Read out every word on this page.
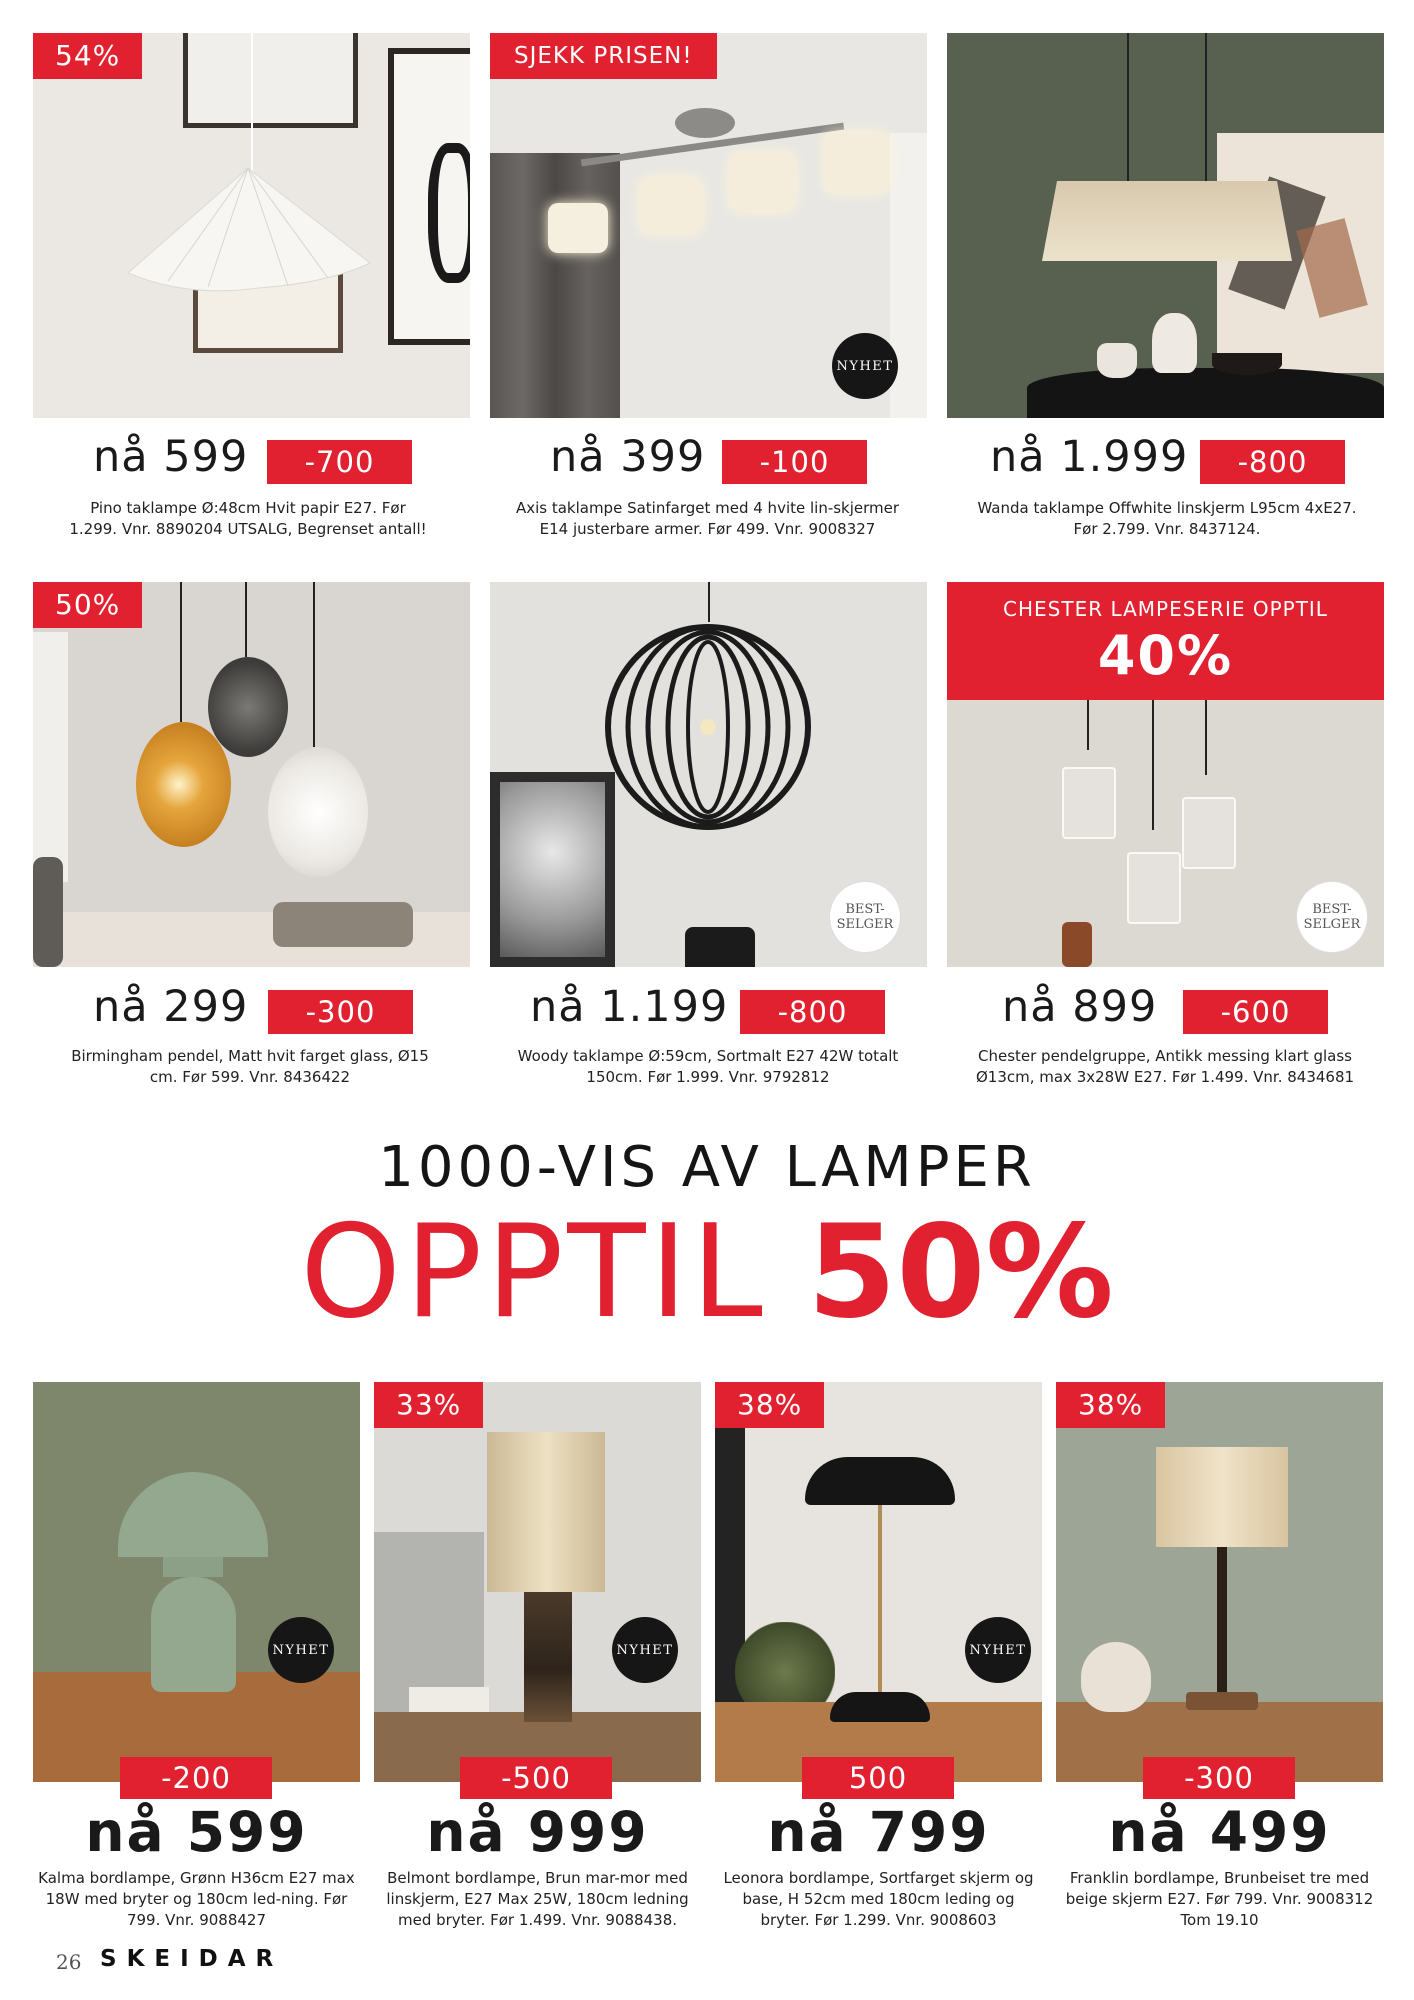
54%
nå 599	-700
Pino taklampe Ø:48cm Hvit papir E27. Før 1.299. Vnr. 8890204 UTSALG, Begrenset antall!
SJEKK PRISEN!
NYHET
nå 399	-100
Axis taklampe Satinfarget med 4 hvite lin-skjermer E14 justerbare armer. Før 499. Vnr. 9008327
nå 1.999	-800
Wanda taklampe Offwhite linskjerm L95cm 4xE27. Før 2.799. Vnr. 8437124.
50%
nå 299	-300
Birmingham pendel, Matt hvit farget glass, Ø15 cm. Før 599. Vnr. 8436422
BEST-SELGER
nå 1.199	-800
Woody taklampe Ø:59cm, Sortmalt E27 42W totalt 150cm. Før 1.999. Vnr. 9792812
CHESTER LAMPESERIE OPPTIL
40%
BEST-SELGER
nå 899	-600
Chester pendelgruppe, Antikk messing klart glass Ø13cm, max 3x28W E27. Før 1.499. Vnr. 8434681
1000-VIS AV LAMPER
OPPTIL 50%
NYHET
-200
nå 599
Kalma bordlampe, Grønn H36cm E27 max 18W med bryter og 180cm led-ning. Før 799. Vnr. 9088427
33%
NYHET
-500
nå 999
Belmont bordlampe, Brun mar-mor med linskjerm, E27 Max 25W, 180cm ledning med bryter. Før 1.499. Vnr. 9088438.
38%
NYHET
500
nå 799
Leonora bordlampe, Sortfarget skjerm og base, H 52cm med 180cm leding og bryter. Før 1.299. Vnr. 9008603
38%
-300
nå 499
Franklin bordlampe, Brunbeiset tre med beige skjerm E27. Før 799. Vnr. 9008312 Tom 19.10
26 SKEIDAR
